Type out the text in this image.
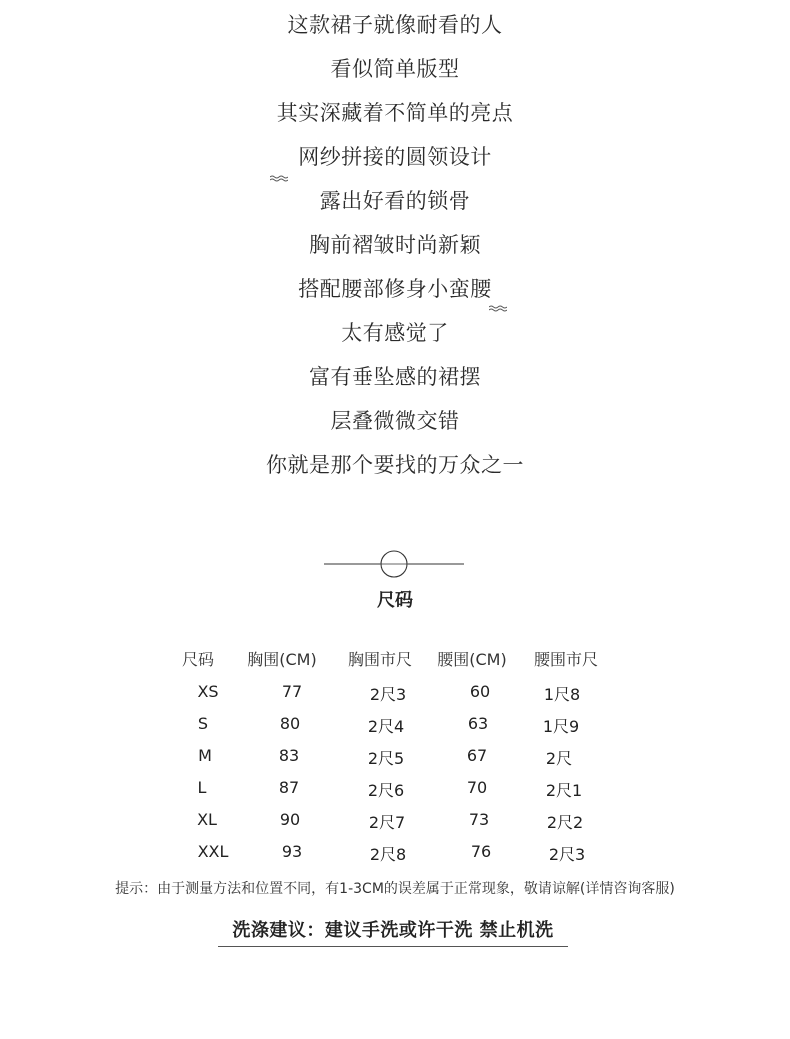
这款裙子就像耐看的人
看似简单版型
其实深藏着不简单的亮点
网纱拼接的圆领设计
露出好看的锁骨
胸前褶皱时尚新颖
搭配腰部修身小蛮腰
太有感觉了
富有垂坠感的裙摆
层叠微微交错
你就是那个要找的万众之一
尺码
尺码	胸围(CM)	胸围市尺	腰围(CM)	腰围市尺
XS	77	2尺3	60	1尺8
S	80	2尺4	63	1尺9
M	83	2尺5	67	2尺
L	87	2尺6	70	2尺1
XL	90	2尺7	73	2尺2
XXL	93	2尺8	76	2尺3
提示：由于测量方法和位置不同，有1-3CM的误差属于正常现象，敬请谅解(详情咨询客服)
洗涤建议：建议手洗或许干洗 禁止机洗
